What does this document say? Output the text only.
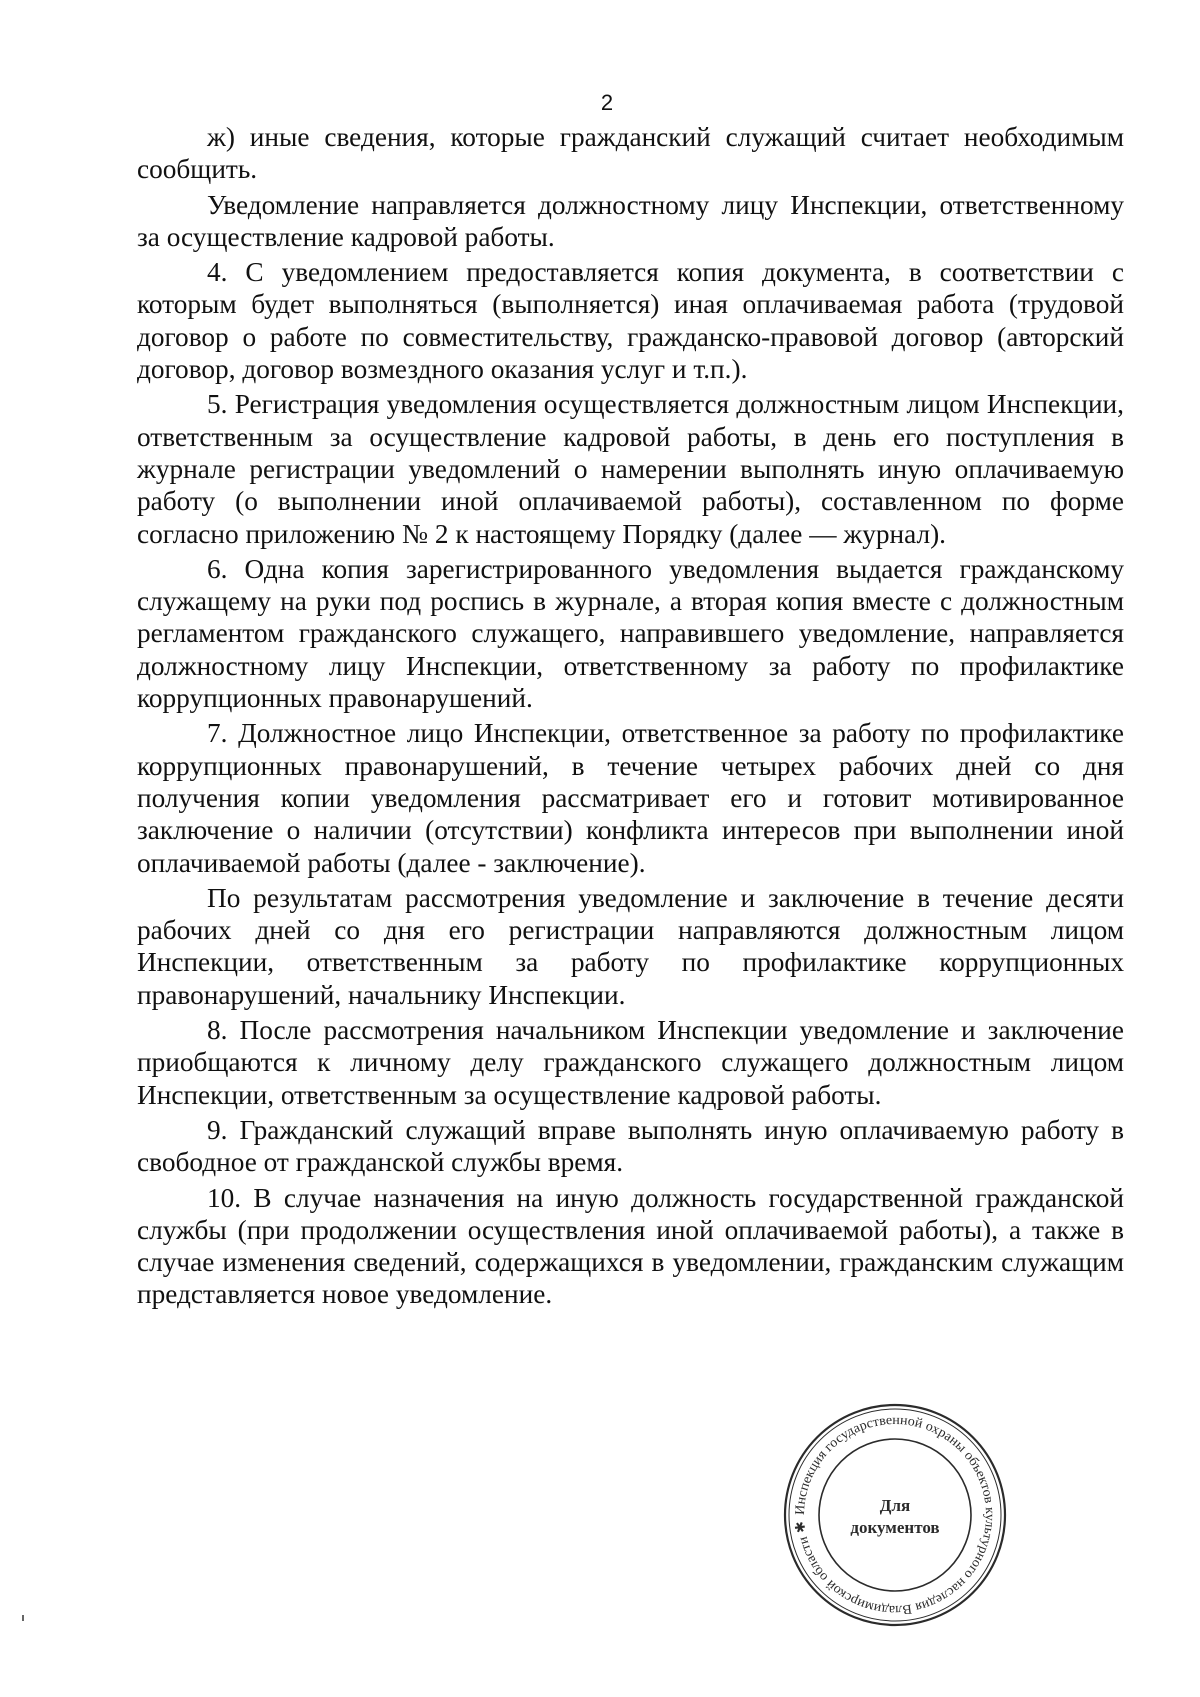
2

ж) иные сведения, которые гражданский служащий считает необходимым сообщить.

Уведомление направляется должностному лицу Инспекции, ответственному за осуществление кадровой работы.

4. С уведомлением предоставляется копия документа, в соответствии с которым будет выполняться (выполняется) иная оплачиваемая работа (трудовой договор о работе по совместительству, гражданско-правовой договор (авторский договор, договор возмездного оказания услуг и т.п.).

5. Регистрация уведомления осуществляется должностным лицом Инспекции, ответственным за осуществление кадровой работы, в день его поступления в журнале регистрации уведомлений о намерении выполнять иную оплачиваемую работу (о выполнении иной оплачиваемой работы), составленном по форме согласно приложению № 2 к настоящему Порядку (далее — журнал).

6. Одна копия зарегистрированного уведомления выдается гражданскому служащему на руки под роспись в журнале, а вторая копия вместе с должностным регламентом гражданского служащего, направившего уведомление, направляется должностному лицу Инспекции, ответственному за работу по профилактике коррупционных правонарушений.

7. Должностное лицо Инспекции, ответственное за работу по профилактике коррупционных правонарушений, в течение четырех рабочих дней со дня получения копии уведомления рассматривает его и готовит мотивированное заключение о наличии (отсутствии) конфликта интересов при выполнении иной оплачиваемой работы (далее - заключение).

По результатам рассмотрения уведомление и заключение в течение десяти рабочих дней со дня его регистрации направляются должностным лицом Инспекции, ответственным за работу по профилактике коррупционных правонарушений, начальнику Инспекции.

8. После рассмотрения начальником Инспекции уведомление и заключение приобщаются к личному делу гражданского служащего должностным лицом Инспекции, ответственным за осуществление кадровой работы.

9. Гражданский служащий вправе выполнять иную оплачиваемую работу в свободное от гражданской службы время.

10. В случае назначения на иную должность государственной гражданской службы (при продолжении осуществления иной оплачиваемой работы), а также в случае изменения сведений, содержащихся в уведомлении, гражданским служащим представляется новое уведомление.

Инспекция государственной охраны объектов культурного наследия Владимирской области ✱
Для
документов
